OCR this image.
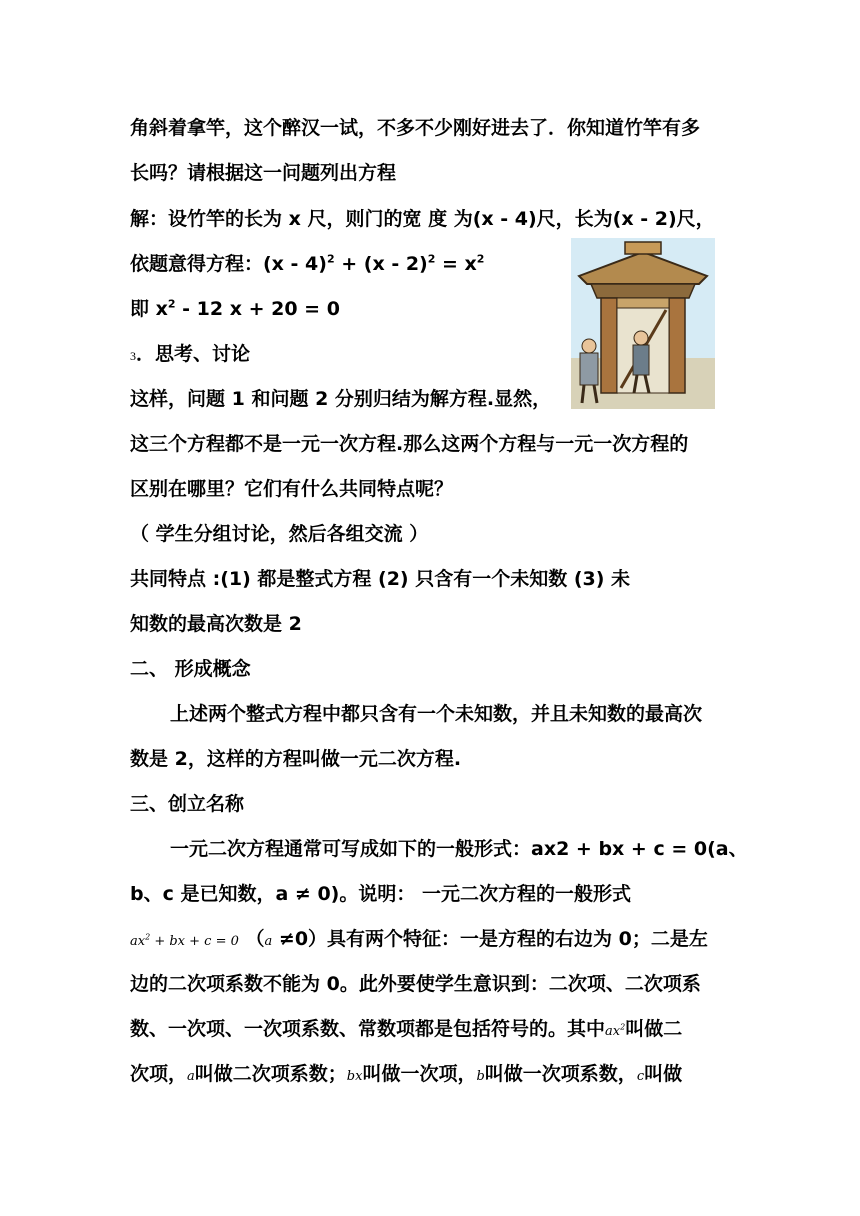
角斜着拿竿，这个醉汉一试，不多不少刚好进去了．你知道竹竿有多
长吗？请根据这一问题列出方程
解：设竹竿的长为 x 尺，则门的宽 度 为(x - 4)尺，长为(x - 2)尺，
依题意得方程：$(x - 4)^2 + (x - 2)^2 = x^2$
即 $x^2 - 12$ x + 20 = 0
3．思考、讨论
这样，问题 1 和问题 2 分别归结为解方程.显然，
这三个方程都不是一元一次方程.那么这两个方程与一元一次方程的
区别在哪里？它们有什么共同特点呢？
（ 学生分组讨论，然后各组交流 ）
共同特点 :(1) 都是整式方程 (2) 只含有一个未知数 (3) 未
知数的最高次数是 2
二、 形成概念
上述两个整式方程中都只含有一个未知数，并且未知数的最高次
数是 2，这样的方程叫做一元二次方程.
三、创立名称
一元二次方程通常可写成如下的一般形式：ax2 + bx + c = 0(a、
b、c 是已知数，a ≠ 0)。说明： 一元二次方程的一般形式
$ax^2$ + bx + c = 0 （a ≠0）具有两个特征：一是方程的右边为 0；二是左
边的二次项系数不能为 0。此外要使学生意识到：二次项、二次项系
数、一次项、一次项系数、常数项都是包括符号的。其中$ax^2$叫做二
次项，a叫做二次项系数；bx叫做一次项，b叫做一次项系数，c叫做
